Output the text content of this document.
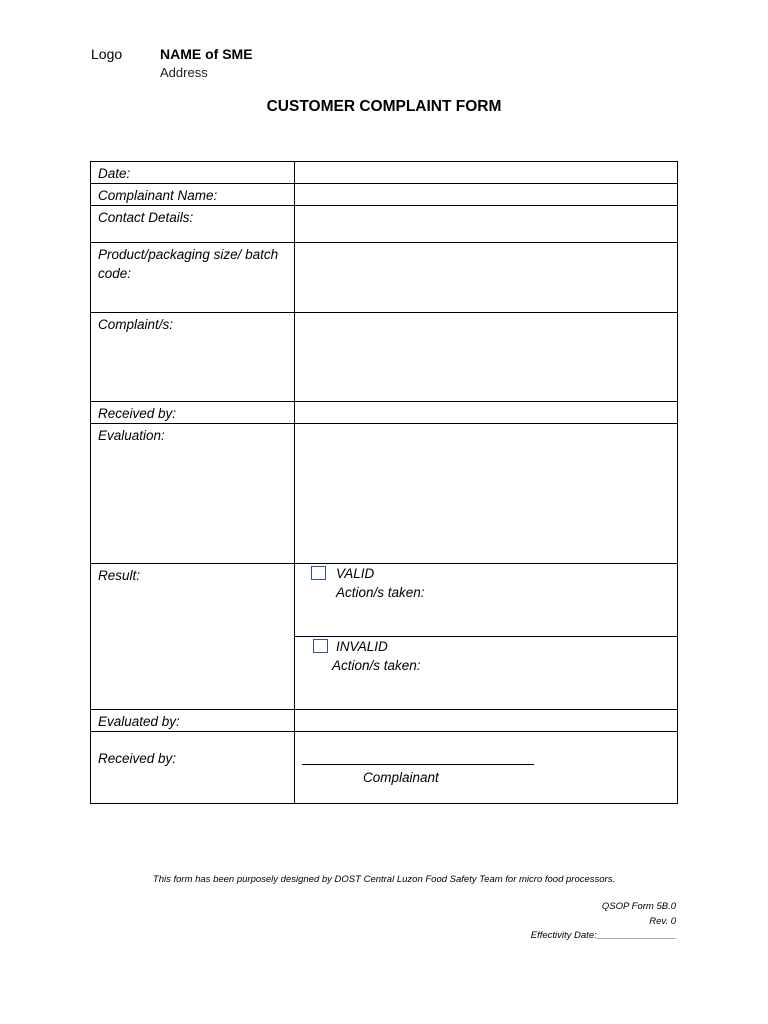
Logo	NAME of SME
Address
CUSTOMER COMPLAINT FORM
Date:	
Complainant Name:	
Contact Details:	
Product/packaging size/ batch code:	
Complaint/s:	
Received by:	
Evaluation:	
Result:	VALID
Action/s taken:
INVALID
Action/s taken:

Evaluated by:	
Received by:	Complainant
This form has been purposely designed by DOST Central Luzon Food Safety Team for micro food processors.
QSOP Form 5B.0
Rev. 0
Effectivity Date:_______________
